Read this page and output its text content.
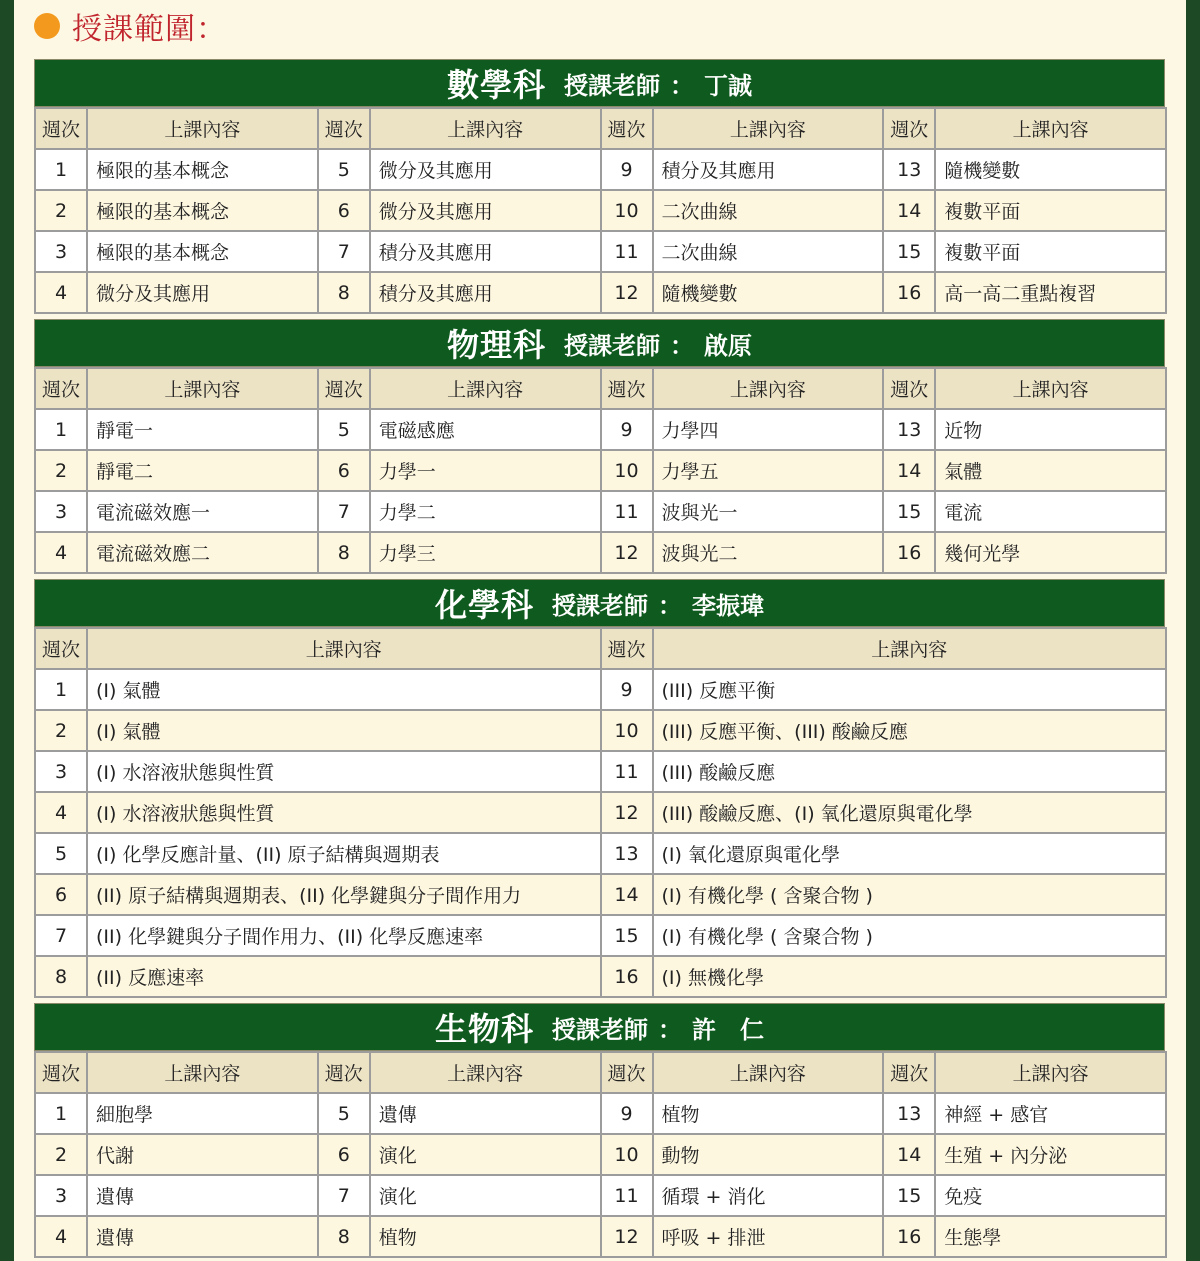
授課範圍：
數學科 授課老師 ： 丁誠
週次	上課內容	週次	上課內容	週次	上課內容	週次	上課內容
1	極限的基本概念	5	微分及其應用	9	積分及其應用	13	隨機變數
2	極限的基本概念	6	微分及其應用	10	二次曲線	14	複數平面
3	極限的基本概念	7	積分及其應用	11	二次曲線	15	複數平面
4	微分及其應用	8	積分及其應用	12	隨機變數	16	高一高二重點複習
物理科 授課老師 ： 啟原
週次	上課內容	週次	上課內容	週次	上課內容	週次	上課內容
1	靜電一	5	電磁感應	9	力學四	13	近物
2	靜電二	6	力學一	10	力學五	14	氣體
3	電流磁效應一	7	力學二	11	波與光一	15	電流
4	電流磁效應二	8	力學三	12	波與光二	16	幾何光學
化學科 授課老師 ： 李振瑋
週次	上課內容	週次	上課內容
1	(I) 氣體	9	(III) 反應平衡
2	(I) 氣體	10	(III) 反應平衡、(III) 酸鹼反應
3	(I) 水溶液狀態與性質	11	(III) 酸鹼反應
4	(I) 水溶液狀態與性質	12	(III) 酸鹼反應、(I) 氧化還原與電化學
5	(I) 化學反應計量、(II) 原子結構與週期表	13	(I) 氧化還原與電化學
6	(II) 原子結構與週期表、(II) 化學鍵與分子間作用力	14	(I) 有機化學 ( 含聚合物 )
7	(II) 化學鍵與分子間作用力、(II) 化學反應速率	15	(I) 有機化學 ( 含聚合物 )
8	(II) 反應速率	16	(I) 無機化學
生物科 授課老師 ： 許　仁
週次	上課內容	週次	上課內容	週次	上課內容	週次	上課內容
1	細胞學	5	遺傳	9	植物	13	神經 + 感官
2	代謝	6	演化	10	動物	14	生殖 + 內分泌
3	遺傳	7	演化	11	循環 + 消化	15	免疫
4	遺傳	8	植物	12	呼吸 + 排泄	16	生態學
